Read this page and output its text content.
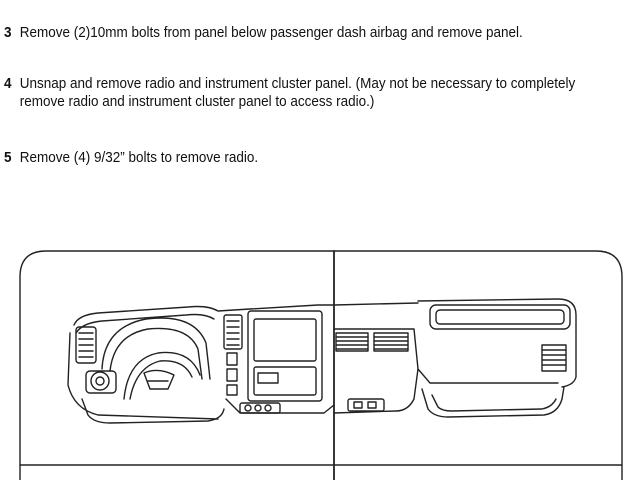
3 Remove (2)10mm bolts from panel below passenger dash airbag and remove panel.
4 Unsnap and remove radio and instrument cluster panel. (May not be necessary to completely remove radio and instrument cluster panel to access radio.)
5 Remove (4) 9/32” bolts to remove radio.
